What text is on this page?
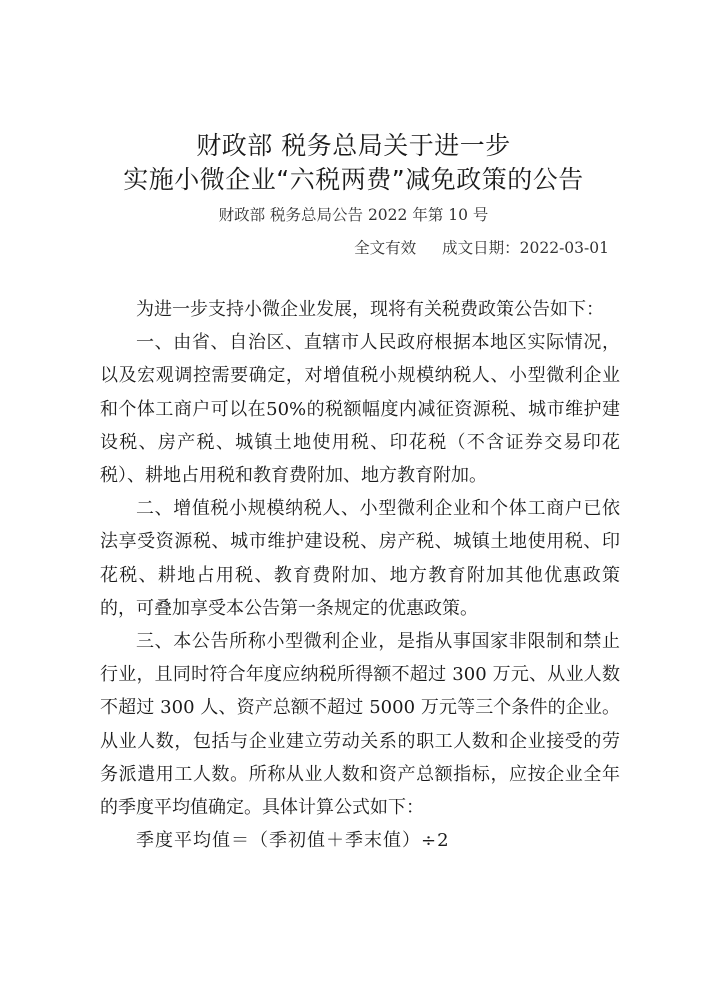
财政部 税务总局关于进一步
实施小微企业“六税两费”减免政策的公告
财政部 税务总局公告 2022 年第 10 号
全文有效 成文日期：2022-03-01

为进一步支持小微企业发展，现将有关税费政策公告如下：

一、由省、自治区、直辖市人民政府根据本地区实际情况，以及宏观调控需要确定，对增值税小规模纳税人、小型微利企业和个体工商户可以在50%的税额幅度内减征资源税、城市维护建设税、房产税、城镇土地使用税、印花税（不含证券交易印花税）、耕地占用税和教育费附加、地方教育附加。

二、增值税小规模纳税人、小型微利企业和个体工商户已依法享受资源税、城市维护建设税、房产税、城镇土地使用税、印花税、耕地占用税、教育费附加、地方教育附加其他优惠政策的，可叠加享受本公告第一条规定的优惠政策。

三、本公告所称小型微利企业，是指从事国家非限制和禁止行业，且同时符合年度应纳税所得额不超过 300 万元、从业人数不超过 300 人、资产总额不超过 5000 万元等三个条件的企业。从业人数，包括与企业建立劳动关系的职工人数和企业接受的劳务派遣用工人数。所称从业人数和资产总额指标，应按企业全年的季度平均值确定。具体计算公式如下：

季度平均值＝（季初值＋季末值）÷2
